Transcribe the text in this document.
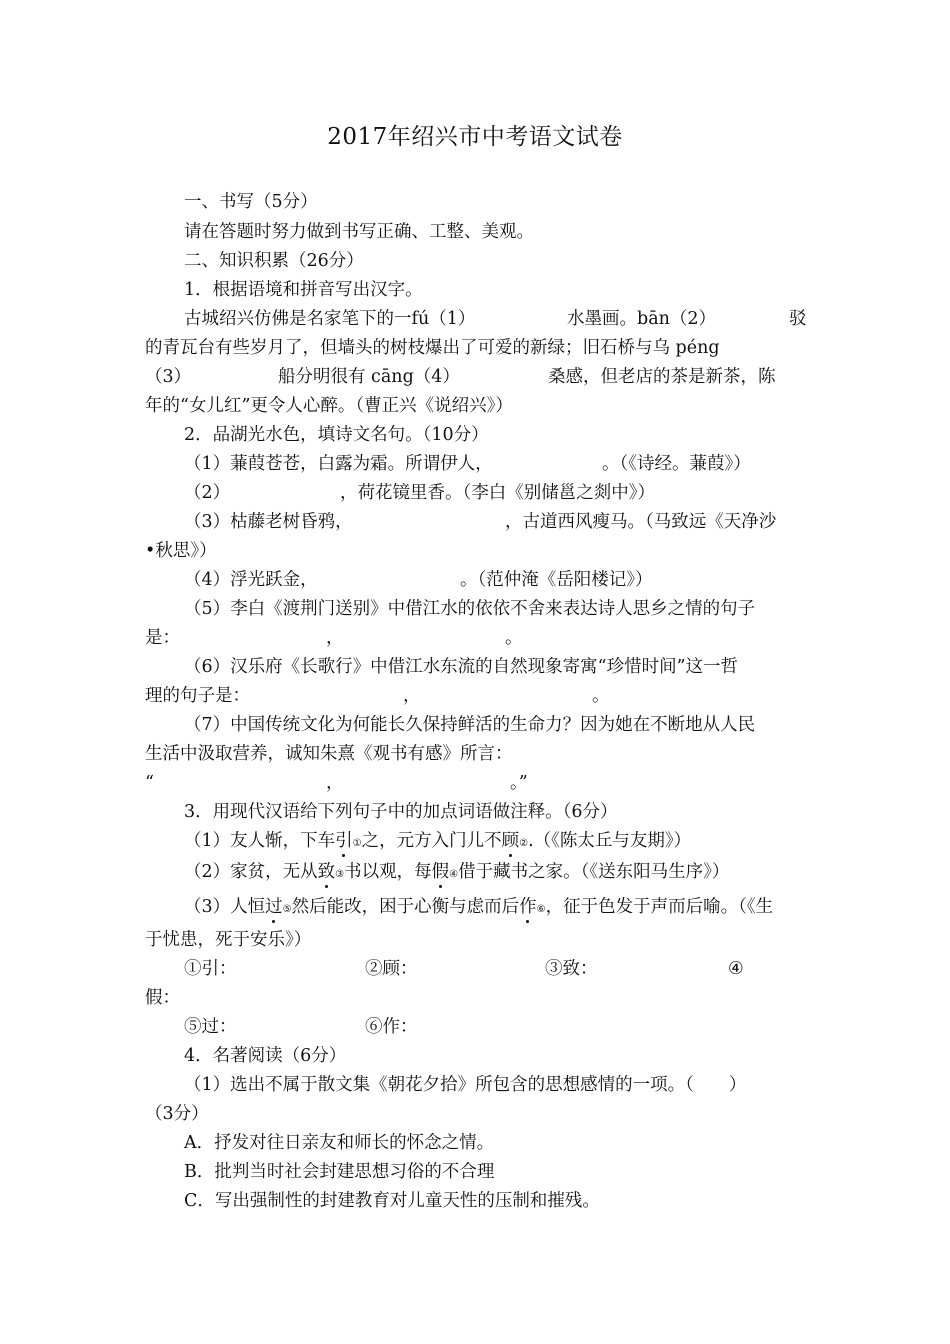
2017年绍兴市中考语文试卷
一、书写（5分）
请在答题时努力做到书写正确、工整、美观。
二、知识积累（26分）
1．根据语境和拼音写出汉字。
古城绍兴仿佛是名家笔下的一fú（1）	水墨画。bān（2）	驳
的青瓦台有些岁月了，但墙头的树枝爆出了可爱的新绿；旧石桥与乌 péng
（3）	船分明很有 cāng（4）	桑感，但老店的茶是新茶，陈
年的“女儿红”更令人心醉。（曹正兴《说绍兴》）
2．品湖光水色，填诗文名句。（10分）
（1）蒹葭苍苍，白露为霜。所谓伊人，	。（《诗经。蒹葭》）
（2）	，荷花镜里香。（李白《别储邕之剡中》）
（3）枯藤老树昏鸦，	，古道西风瘦马。（马致远《天净沙
•秋思》）
（4）浮光跃金，	。（范仲淹《岳阳楼记》）
（5）李白《渡荆门送别》中借江水的依依不舍来表达诗人思乡之情的句子
是：	，	。
（6）汉乐府《长歌行》中借江水东流的自然现象寄寓“珍惜时间”这一哲
理的句子是：	，	。
（7）中国传统文化为何能长久保持鲜活的生命力？因为她在不断地从人民
生活中汲取营养，诚知朱熹《观书有感》所言：
“	，	。”
3．用现代汉语给下列句子中的加点词语做注释。（6分）
（1）友人惭，下车引①之，元方入门儿不顾②.（《陈太丘与友期》）
（2）家贫，无从致③书以观，每假④借于藏书之家。（《送东阳马生序》）
（3）人恒过⑤然后能改，困于心衡与虑而后作⑥，征于色发于声而后喻。（《生
于忧患，死于安乐》）
①引：	②顾：	③致：	④
假：
⑤过：	⑥作：
4．名著阅读（6分）
（1）选出不属于散文集《朝花夕拾》所包含的思想感情的一项。（　　）
（3分）
A．抒发对往日亲友和师长的怀念之情。
B．批判当时社会封建思想习俗的不合理
C．写出强制性的封建教育对儿童天性的压制和摧残。
